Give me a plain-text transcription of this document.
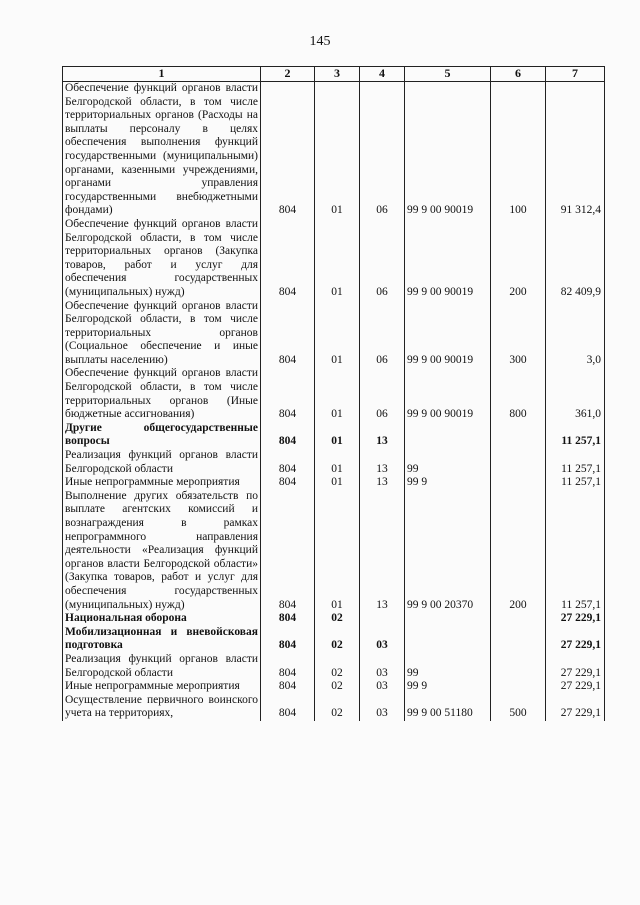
145
1	2	3	4	5	6	7
Обеспечение функций органов власти Белгородской области, в том числе территориальных органов (Расходы на выплаты персоналу в целях обеспечения выполнения функций государственными (муниципальными) органами, казенными учреждениями, органами управления государственными внебюджетными фондами)	804	01	06	99 9 00 90019	100	91 312,4
Обеспечение функций органов власти Белгородской области, в том числе территориальных органов (Закупка товаров, работ и услуг для обеспечения государственных (муниципальных) нужд)	804	01	06	99 9 00 90019	200	82 409,9
Обеспечение функций органов власти Белгородской области, в том числе территориальных органов (Социальное обеспечение и иные выплаты населению)	804	01	06	99 9 00 90019	300	3,0
Обеспечение функций органов власти Белгородской области, в том числе территориальных органов (Иные бюджетные ассигнования)	804	01	06	99 9 00 90019	800	361,0
Другие общегосударственные вопросы	804	01	13			11 257,1
Реализация функций органов власти Белгородской области	804	01	13	99		11 257,1
Иные непрограммные мероприятия	804	01	13	99 9		11 257,1
Выполнение других обязательств по выплате агентских комиссий и вознаграждения в рамках непрограммного направления деятельности «Реализация функций органов власти Белгородской области» (Закупка товаров, работ и услуг для обеспечения государственных (муниципальных) нужд)	804	01	13	99 9 00 20370	200	11 257,1
Национальная оборона	804	02				27 229,1
Мобилизационная и вневойсковая подготовка	804	02	03			27 229,1
Реализация функций органов власти Белгородской области	804	02	03	99		27 229,1
Иные непрограммные мероприятия	804	02	03	99 9		27 229,1
Осуществление первичного воинского учета на территориях,	804	02	03	99 9 00 51180	500	27 229,1
